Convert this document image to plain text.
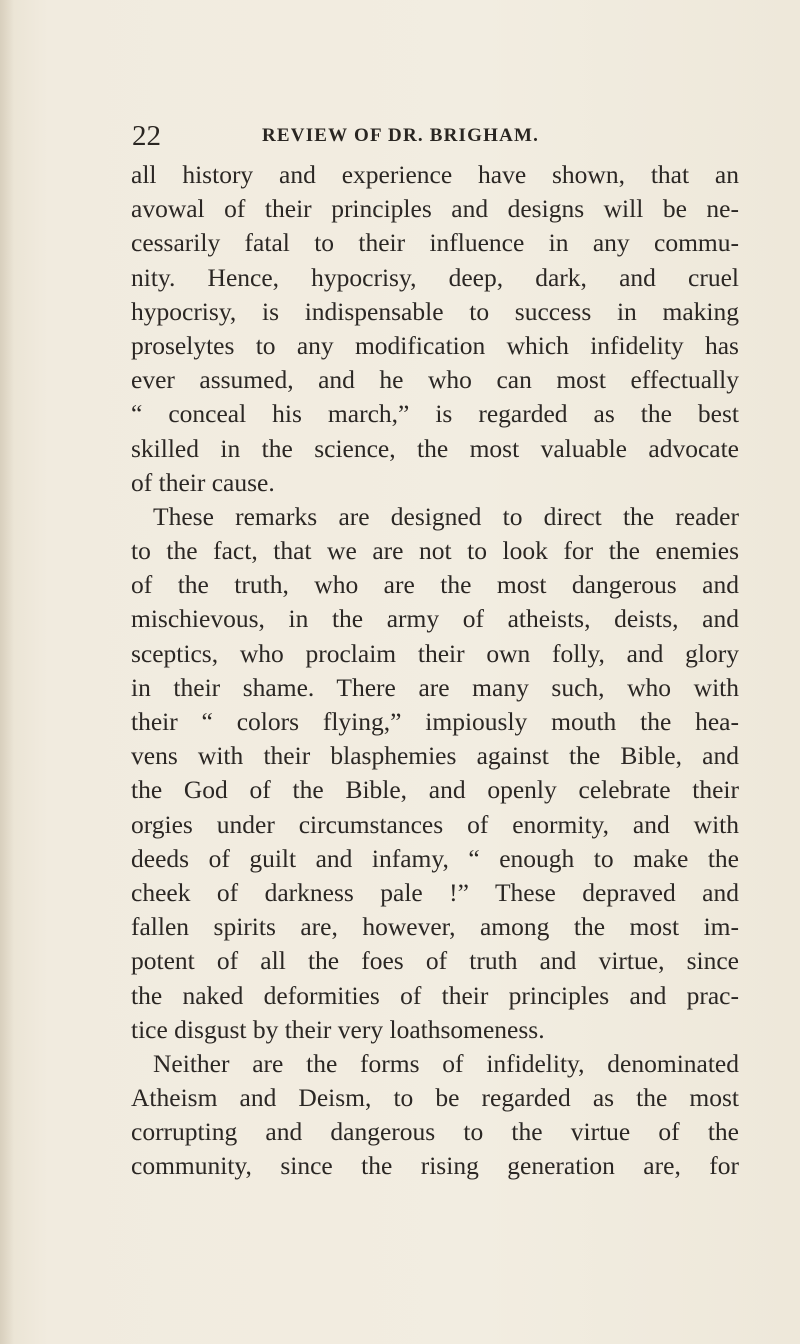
22	REVIEW OF DR. BRIGHAM.
all history and experience have shown, that an
avowal of their principles and designs will be ne-
cessarily fatal to their influence in any commu-
nity. Hence, hypocrisy, deep, dark, and cruel
hypocrisy, is indispensable to success in making
proselytes to any modification which infidelity has
ever assumed, and he who can most effectually
“ conceal his march,” is regarded as the best
skilled in the science, the most valuable advocate
of their cause.
These remarks are designed to direct the reader
to the fact, that we are not to look for the enemies
of the truth, who are the most dangerous and
mischievous, in the army of atheists, deists, and
sceptics, who proclaim their own folly, and glory
in their shame. There are many such, who with
their “ colors flying,” impiously mouth the hea-
vens with their blasphemies against the Bible, and
the God of the Bible, and openly celebrate their
orgies under circumstances of enormity, and with
deeds of guilt and infamy, “ enough to make the
cheek of darkness pale !” These depraved and
fallen spirits are, however, among the most im-
potent of all the foes of truth and virtue, since
the naked deformities of their principles and prac-
tice disgust by their very loathsomeness.
Neither are the forms of infidelity, denominated
Atheism and Deism, to be regarded as the most
corrupting and dangerous to the virtue of the
community, since the rising generation are, for
